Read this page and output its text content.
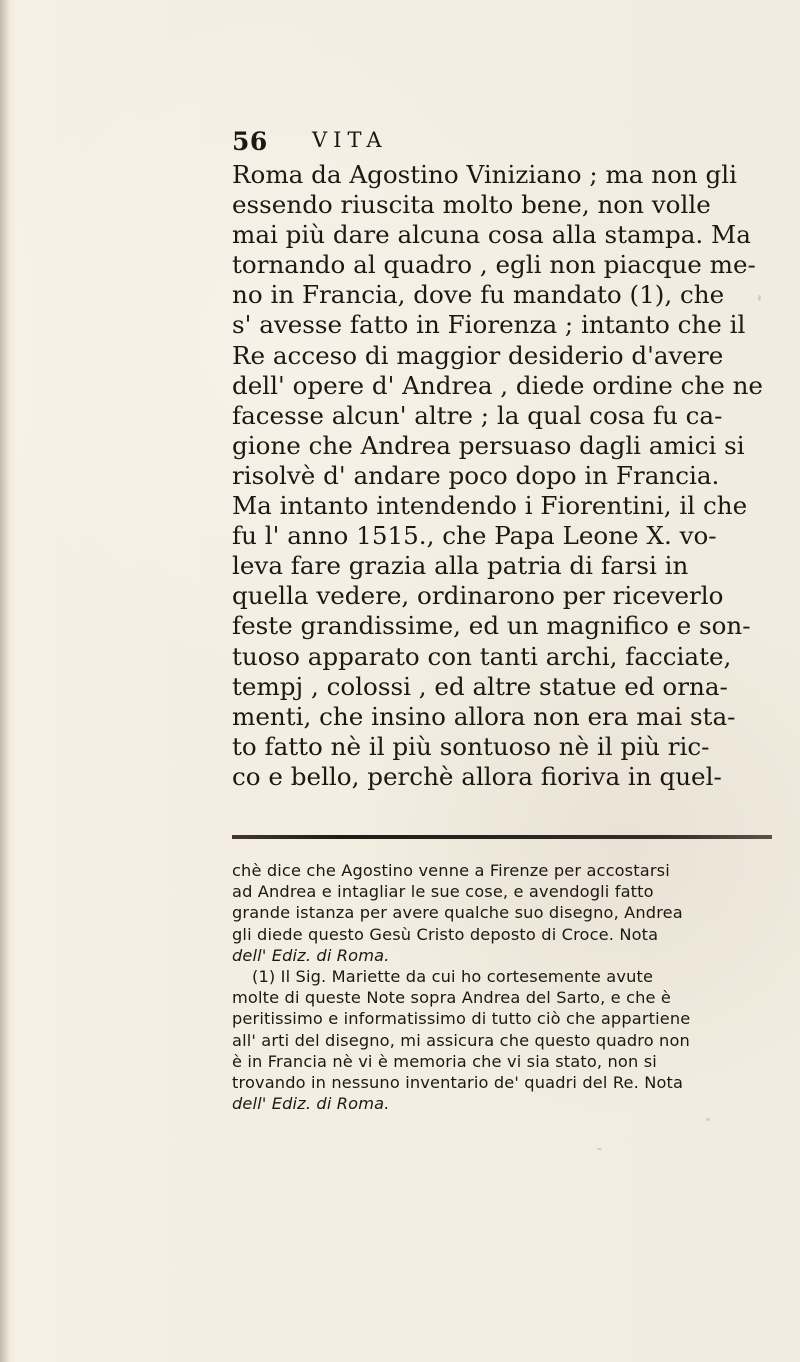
56 VITA

Roma da Agostino Viniziano ; ma non gli

essendo riuscita molto bene, non volle

mai più dare alcuna cosa alla stampa. Ma

tornando al quadro , egli non piacque me-

no in Francia, dove fu mandato (1), che

s' avesse fatto in Fiorenza ; intanto che il

Re acceso di maggior desiderio d'avere

dell' opere d' Andrea , diede ordine che ne

facesse alcun' altre ; la qual cosa fu ca-

gione che Andrea persuaso dagli amici si

risolvè d' andare poco dopo in Francia.

Ma intanto intendendo i Fiorentini, il che

fu l' anno 1515., che Papa Leone X. vo-

leva fare grazia alla patria di farsi in

quella vedere, ordinarono per riceverlo

feste grandissime, ed un magnifico e son-

tuoso apparato con tanti archi, facciate,

tempj , colossi , ed altre statue ed orna-

menti, che insino allora non era mai sta-

to fatto nè il più sontuoso nè il più ric-

co e bello, perchè allora fioriva in quel-

chè dice che Agostino venne a Firenze per accostarsi

ad Andrea e intagliar le sue cose, e avendogli fatto

grande istanza per avere qualche suo disegno, Andrea

gli diede questo Gesù Cristo deposto di Croce. Nota

dell' Ediz. di Roma.

(1) Il Sig. Mariette da cui ho cortesemente avute

molte di queste Note sopra Andrea del Sarto, e che è

peritissimo e informatissimo di tutto ciò che appartiene

all' arti del disegno, mi assicura che questo quadro non

è in Francia nè vi è memoria che vi sia stato, non si

trovando in nessuno inventario de' quadri del Re. Nota

dell' Ediz. di Roma.
